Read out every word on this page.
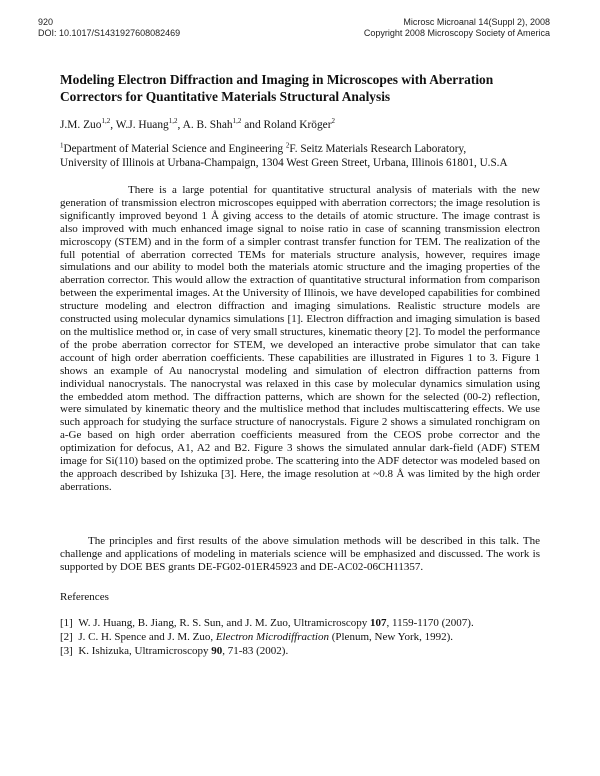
920
DOI: 10.1017/S1431927608082469
Microsc Microanal 14(Suppl 2), 2008
Copyright 2008 Microscopy Society of America
Modeling Electron Diffraction and Imaging in Microscopes with Aberration Correctors for Quantitative Materials Structural Analysis
J.M. Zuo$^{1,2}$, W.J. Huang$^{1,2}$, A. B. Shah$^{1,2}$ and Roland Kröger$^2$
$^1$Department of Material Science and Engineering $^2$F. Seitz Materials Research Laboratory,
University of Illinois at Urbana-Champaign, 1304 West Green Street, Urbana, Illinois 61801, U.S.A

There is a large potential for quantitative structural analysis of materials with the new generation of transmission electron microscopes equipped with aberration correctors; the image resolution is significantly improved beyond 1 Å giving access to the details of atomic structure. The image contrast is also improved with much enhanced image signal to noise ratio in case of scanning transmission electron microscopy (STEM) and in the form of a simpler contrast transfer function for TEM. The realization of the full potential of aberration corrected TEMs for materials structure analysis, however, requires image simulations and our ability to model both the materials atomic structure and the imaging properties of the aberration corrector. This would allow the extraction of quantitative structural information from comparison between the experimental images. At the University of Illinois, we have developed capabilities for combined structure modeling and electron diffraction and imaging simulations. Realistic structure models are constructed using molecular dynamics simulations [1]. Electron diffraction and imaging simulation is based on the multislice method or, in case of very small structures, kinematic theory [2]. To model the performance of the probe aberration corrector for STEM, we developed an interactive probe simulator that can take account of high order aberration coefficients. These capabilities are illustrated in Figures 1 to 3. Figure 1 shows an example of Au nanocrystal modeling and simulation of electron diffraction patterns from individual nanocrystals. The nanocrystal was relaxed in this case by molecular dynamics simulation using the embedded atom method. The diffraction patterns, which are shown for the selected (00-2) reflection, were simulated by kinematic theory and the multislice method that includes multiscattering effects. We use such approach for studying the surface structure of nanocrystals. Figure 2 shows a simulated ronchigram on a-Ge based on high order aberration coefficients measured from the CEOS probe corrector and the optimization for defocus, A1, A2 and B2. Figure 3 shows the simulated annular dark-field (ADF) STEM image for Si(110) based on the optimized probe. The scattering into the ADF detector was modeled based on the approach described by Ishizuka [3]. Here, the image resolution at ~0.8 Å was limited by the high order aberrations.

The principles and first results of the above simulation methods will be described in this talk. The challenge and applications of modeling in materials science will be emphasized and discussed. The work is supported by DOE BES grants DE-FG02-01ER45923 and DE-AC02-06CH11357.

References
[1] W. J. Huang, B. Jiang, R. S. Sun, and J. M. Zuo, Ultramicroscopy 107, 1159-1170 (2007).
[2] J. C. H. Spence and J. M. Zuo, Electron Microdiffraction (Plenum, New York, 1992).
[3] K. Ishizuka, Ultramicroscopy 90, 71-83 (2002).
